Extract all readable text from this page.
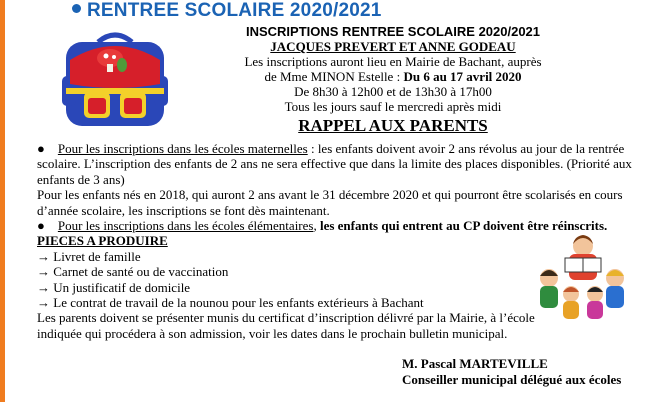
RENTREE SCOLAIRE 2020/2021
INSCRIPTIONS RENTREE SCOLAIRE 2020/2021
JACQUES PREVERT ET ANNE GODEAU
Les inscriptions auront lieu en Mairie de Bachant, auprès
de Mme MINON Estelle : Du 6 au 17 avril 2020
De 8h30 à 12h00 et de 13h30 à 17h00
Tous les jours sauf le mercredi après midi
RAPPEL AUX PARENTS

● Pour les inscriptions dans les écoles maternelles : les enfants doivent avoir 2 ans révolus au jour de la rentrée scolaire. L’inscription des enfants de 2 ans ne sera effective que dans la limite des places disponibles. (Priorité aux enfants de 3 ans)

Pour les enfants nés en 2018, qui auront 2 ans avant le 31 décembre 2020 et qui pourront être scolarisés en cours d’année scolaire, les inscriptions se font dès maintenant.

● Pour les inscriptions dans les écoles élémentaires, les enfants qui entrent au CP doivent être réinscrits.

PIECES A PRODUIRE

→ Livret de famille

→ Carnet de santé ou de vaccination

→ Un justificatif de domicile

→ Le contrat de travail de la nounou pour les enfants extérieurs à Bachant

Les parents doivent se présenter munis du certificat d’inscription délivré par la Mairie, à l’école indiquée qui procédera à son admission, voir les dates dans le prochain bulletin municipal.

M. Pascal MARTEVILLE
Conseiller municipal délégué aux écoles
